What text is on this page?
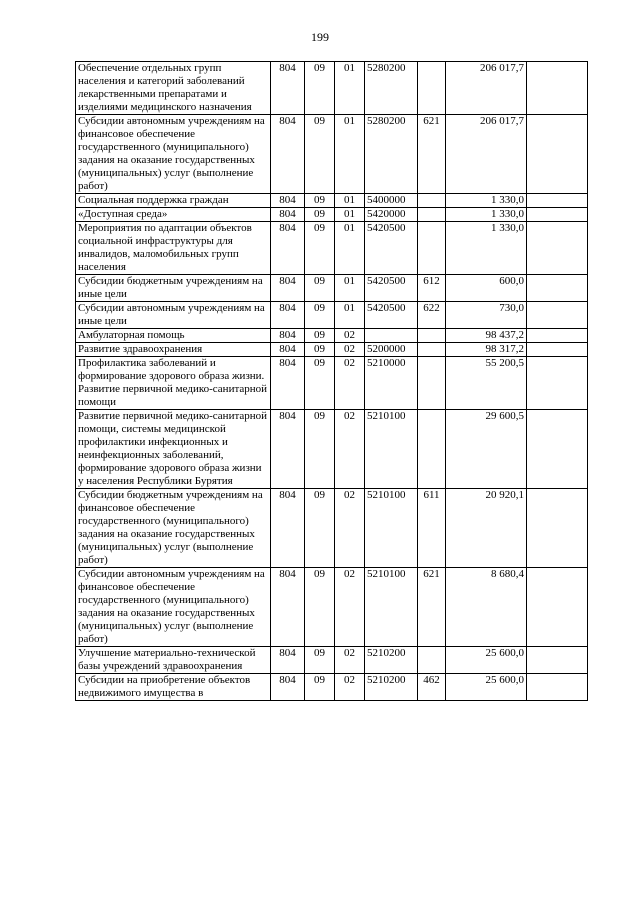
199
Обеспечение отдельных групп населения и категорий заболеваний лекарственными препаратами и изделиями медицинского назначения	804	09	01	5280200		206 017,7	
Субсидии автономным учреждениям на финансовое обеспечение государственного (муниципального) задания на оказание государственных (муниципальных) услуг (выполнение работ)	804	09	01	5280200	621	206 017,7	
Социальная поддержка граждан	804	09	01	5400000		1 330,0	
«Доступная среда»	804	09	01	5420000		1 330,0	
Мероприятия по адаптации объектов социальной инфраструктуры для инвалидов, маломобильных групп населения	804	09	01	5420500		1 330,0	
Субсидии бюджетным учреждениям на иные цели	804	09	01	5420500	612	600,0	
Субсидии автономным учреждениям на иные цели	804	09	01	5420500	622	730,0	
Амбулаторная помощь	804	09	02			98 437,2	
Развитие здравоохранения	804	09	02	5200000		98 317,2	
Профилактика заболеваний и формирование здорового образа жизни. Развитие первичной медико-санитарной помощи	804	09	02	5210000		55 200,5	
Развитие первичной медико-санитарной помощи, системы медицинской профилактики инфекционных и неинфекционных заболеваний, формирование здорового образа жизни у населения Республики Бурятия	804	09	02	5210100		29 600,5	
Субсидии бюджетным учреждениям на финансовое обеспечение государственного (муниципального) задания на оказание государственных (муниципальных) услуг (выполнение работ)	804	09	02	5210100	611	20 920,1	
Субсидии автономным учреждениям на финансовое обеспечение государственного (муниципального) задания на оказание государственных (муниципальных) услуг (выполнение работ)	804	09	02	5210100	621	8 680,4	
Улучшение материально-технической базы учреждений здравоохранения	804	09	02	5210200		25 600,0	
Субсидии на приобретение объектов недвижимого имущества в	804	09	02	5210200	462	25 600,0	
